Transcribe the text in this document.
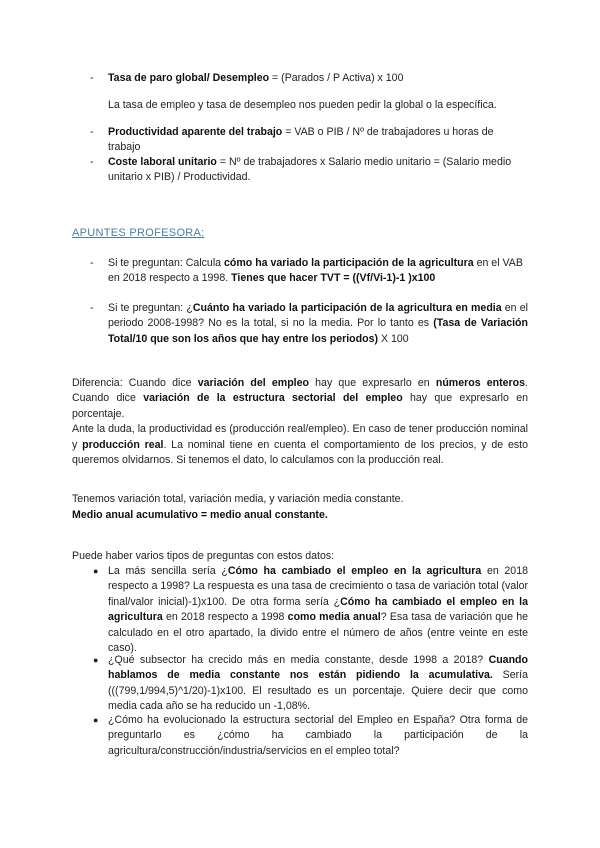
- Tasa de paro global/ Desempleo = (Parados / P Activa) x 100
La tasa de empleo y tasa de desempleo nos pueden pedir la global o la específica.
- Productividad aparente del trabajo = VAB o PIB / Nº de trabajadores u horas de trabajo
- Coste laboral unitario = Nº de trabajadores x Salario medio unitario = (Salario medio unitario x PIB) / Productividad.
APUNTES PROFESORA:
- Si te preguntan: Calcula cómo ha variado la participación de la agricultura en el VAB en 2018 respecto a 1998. Tienes que hacer TVT = ((Vf/Vi-1)-1 )x100
- Si te preguntan: ¿Cuánto ha variado la participación de la agricultura en media en el periodo 2008-1998? No es la total, si no la media. Por lo tanto es (Tasa de Variación Total/10 que son los años que hay entre los periodos) X 100
Diferencia: Cuando dice variación del empleo hay que expresarlo en números enteros. Cuando dice variación de la estructura sectorial del empleo hay que expresarlo en porcentaje.
Ante la duda, la productividad es (producción real/empleo). En caso de tener producción nominal y producción real. La nominal tiene en cuenta el comportamiento de los precios, y de esto queremos olvidarnos. Si tenemos el dato, lo calculamos con la producción real.
Tenemos variación total, variación media, y variación media constante.
Medio anual acumulativo = medio anual constante.
Puede haber varios tipos de preguntas con estos datos:
● La más sencilla sería ¿Cómo ha cambiado el empleo en la agricultura en 2018 respecto a 1998? La respuesta es una tasa de crecimiento o tasa de variación total (valor final/valor inicial)-1)x100. De otra forma sería ¿Cómo ha cambiado el empleo en la agricultura en 2018 respecto a 1998 como media anual? Esa tasa de variación que he calculado en el otro apartado, la divido entre el número de años (entre veinte en este caso).
● ¿Qué subsector ha crecido más en media constante, desde 1998 a 2018? Cuando hablamos de media constante nos están pidiendo la acumulativa. Sería (((799,1/994,5)^1/20)-1)x100. El resultado es un porcentaje. Quiere decir que como media cada año se ha reducido un -1,08%.
● ¿Cómo ha evolucionado la estructura sectorial del Empleo en España? Otra forma de preguntarlo es ¿cómo ha cambiado la participación de la agricultura/construcción/industria/servicios en el empleo total?
